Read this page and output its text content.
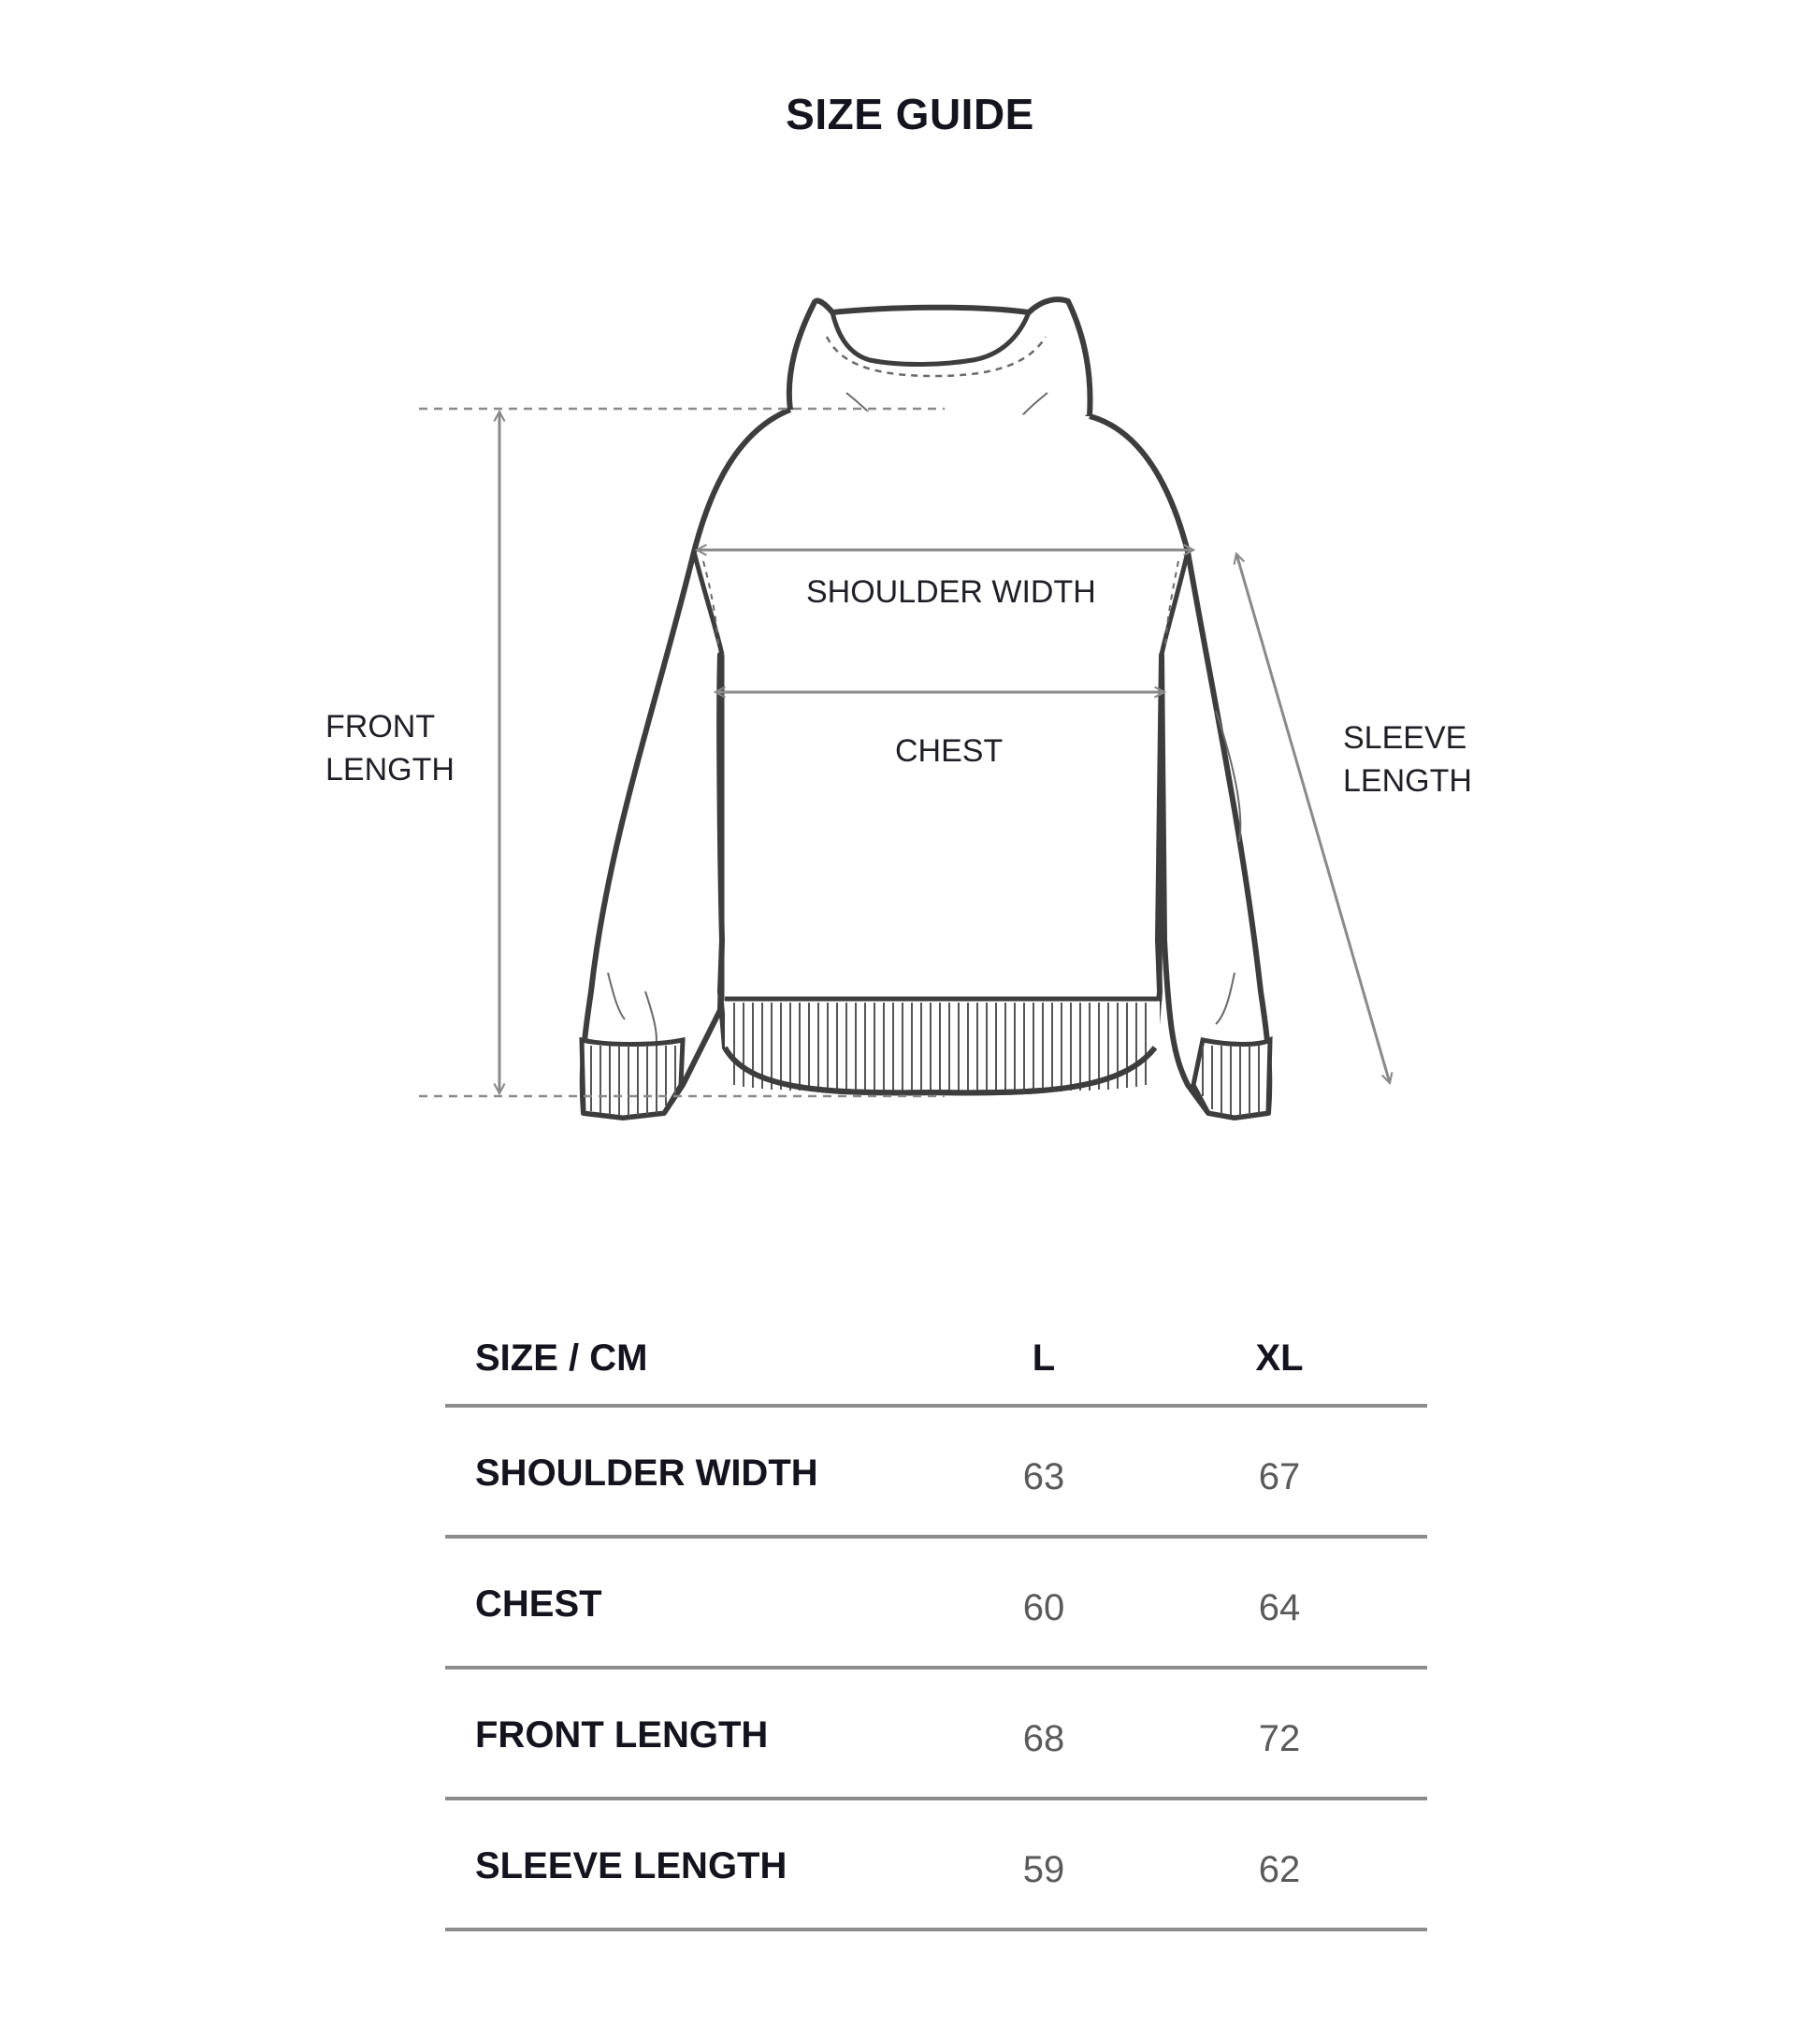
SIZE GUIDE
SHOULDER WIDTH
CHEST
FRONT
LENGTH
SLEEVE
LENGTH
SIZE / CM	L	XL
SHOULDER WIDTH	63	67
CHEST	60	64
FRONT LENGTH	68	72
SLEEVE LENGTH	59	62
